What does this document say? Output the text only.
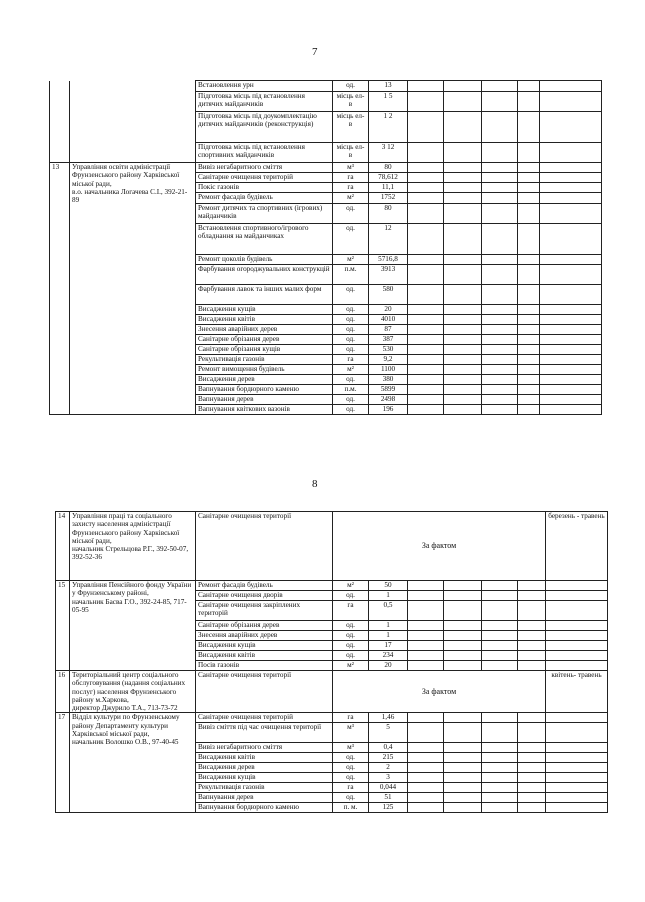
7
		Встановлення урн	од.	13						
		Підготовка місць під встановлення дитячих майданчиків	місць ел-в	1 5						
		Підготовка місць під доукомплектацію дитячих майданчиків (реконструкція)	місць ел-в	1 2						
		Підготовка місць під встановлення спортивних майданчиків	місць ел-в	3 12						
13	Управління освіти адміністрації Фрунзенського району Харківської міської ради,
в.о. начальника Логачева С.І., 392-21-89	Вивіз негабаритного сміття	м³	80						
		Санітарне очищення територій	га	78,612						
		Покіс газонів	га	11,1						
		Ремонт фасадів будівель	м²	1752						
		Ремонт дитячих та спортивних (ігрових) майданчиків	од.	80						
		Встановлення спортивного/ігрового обладнання на майданчиках	од.	12						
		Ремонт цоколів будівель	м²	5716,8						
		Фарбування огороджувальних конструкцій	п.м.	3913						
		Фарбування лавок та інших малих форм	од.	580						
		Висадження кущів	од.	20						
		Висадження квітів	од.	4010						
		Знесення аварійних дерев	од.	87						
		Санітарне обрізання дерев	од.	387						
		Санітарне обрізання кущів	од.	530						
		Рекультивація газонів	га	9,2						
		Ремонт вимощення будівель	м²	1100						
		Висадження дерев	од.	380						
		Вапнування бордюрного каменю	п.м.	5899						
		Вапнування дерев	од.	2498						
		Вапнування квіткових вазонів	од.	196						
8
14	Управління праці та соціального захисту населення адміністрації Фрунзенського району Харківської міської ради,
начальник Стрельцова Р.Г., 392-50-07, 392-52-36	Санітарне очищення території	За фактом						березень - травень	
15	Управління Пенсійного фонду України у Фрунзенському районі,
начальник Басва Г.О., 392-24-85, 717-05-95	Ремонт фасадів будівель	м²	50						
		Санітарне очищення дворів	од.	1						
		Санітарне очищення закріплених територій	га	0,5						
		Санітарне обрізання дерев	од.	1						
		Знесення аварійних дерев	од.	1						
		Висадження кущів	од.	17						
		Висадження квітів	од.	234						
		Посів газонів	м²	20						
16	Територіальний центр соціального обслуговування (надання соціальних послуг) населення Фрунзенського району м.Харкова,
директор Джурило Т.А., 713-73-72	Санітарне очищення території	За фактом						квітень- травень	
17	Відділ культури по Фрунзенському району Департаменту культури Харківської міської ради,
начальник Волошко О.В., 97-40-45	Санітарне очищення територій	га	1,46						
		Вивіз сміття під час очищення території	м³	5						
		Вивіз негабаритного сміття	м³	0,4						
		Висадження квітів	од.	215						
		Висадження дерев	од.	2						
		Висадження кущів	од.	3						
		Рекультивація газонів	га	0,044						
		Вапнування дерев	од.	51						
		Вапнування бордюрного каменю	п. м.	125						
